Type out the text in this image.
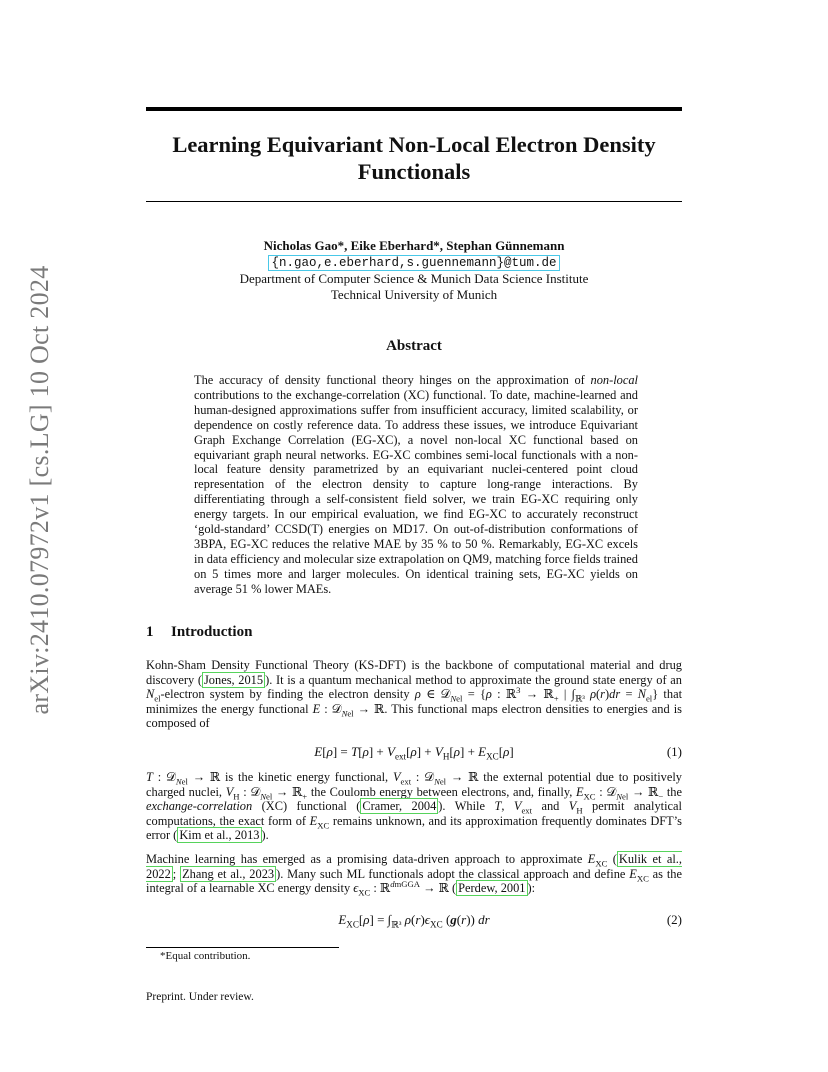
arXiv:2410.07972v1 [cs.LG] 10 Oct 2024
Learning Equivariant Non-Local Electron Density Functionals
Nicholas Gao*, Eike Eberhard*, Stephan Günnemann
{n.gao,e.eberhard,s.guennemann}@tum.de
Department of Computer Science & Munich Data Science Institute
Technical University of Munich
Abstract
The accuracy of density functional theory hinges on the approximation of non-local contributions to the exchange-correlation (XC) functional. To date, machine-learned and human-designed approximations suffer from insufficient accuracy, limited scalability, or dependence on costly reference data. To address these issues, we introduce Equivariant Graph Exchange Correlation (EG-XC), a novel non-local XC functional based on equivariant graph neural networks. EG-XC combines semi-local functionals with a non-local feature density parametrized by an equivariant nuclei-centered point cloud representation of the electron density to capture long-range interactions. By differentiating through a self-consistent field solver, we train EG-XC requiring only energy targets. In our empirical evaluation, we find EG-XC to accurately reconstruct ‘gold-standard’ CCSD(T) energies on MD17. On out-of-distribution conformations of 3BPA, EG-XC reduces the relative MAE by 35 % to 50 %. Remarkably, EG-XC excels in data efficiency and molecular size extrapolation on QM9, matching force fields trained on 5 times more and larger molecules. On identical training sets, EG-XC yields on average 51 % lower MAEs.
1 Introduction
Kohn-Sham Density Functional Theory (KS-DFT) is the backbone of computational material and drug discovery ( Jones, 2015 ). It is a quantum mechanical method to approximate the ground state energy of an $N_{el}$-electron system by finding the electron density ρ ∈ 𝒟$_{Nel}$ = {ρ : ℝ$^3$ → ℝ$_+$ | $\int_{ℝ^3}$ $\rho(r)dr = N_{el}$} that minimizes the energy functional E : 𝒟$_{Nel}$ → ℝ. This functional maps electron densities to energies and is composed of
$E[\rho] = T[\rho] + V_{ext}[\rho] + V_H[\rho] + E_{XC}[\rho]$	(1)
T : 𝒟$_{Nel}$ → ℝ is the kinetic energy functional, $V_{ext}$ : 𝒟$_{Nel}$ → ℝ the external potential due to positively charged nuclei, $V_H$ : 𝒟$_{Nel}$ → ℝ$_+$ the Coulomb energy between electrons, and, finally, $E_{XC}$ : 𝒟$_{Nel}$ → ℝ$_-$ the exchange-correlation (XC) functional ( Cramer, 2004 ). While T, $V_{ext}$ and $V_H$ permit analytical computations, the exact form of $E_{XC}$ remains unknown, and its approximation frequently dominates DFT’s error ( Kim et al., 2013 ).
Machine learning has emerged as a promising data-driven approach to approximate $E_{XC}$ ( Kulik et al., 2022 ; Zhang et al., 2023 ). Many such ML functionals adopt the classical approach and define $E_{XC}$ as the integral of a learnable XC energy density $\epsilon_{XC}$ : ℝ$^{dmGGA}$ → ℝ ( Perdew, 2001 ):
$E_{XC}[\rho] = \int_{ℝ^3}$ $\rho(r)\epsilon_{XC}$ (g(r)) dr	(2)
*Equal contribution.
Preprint. Under review.
